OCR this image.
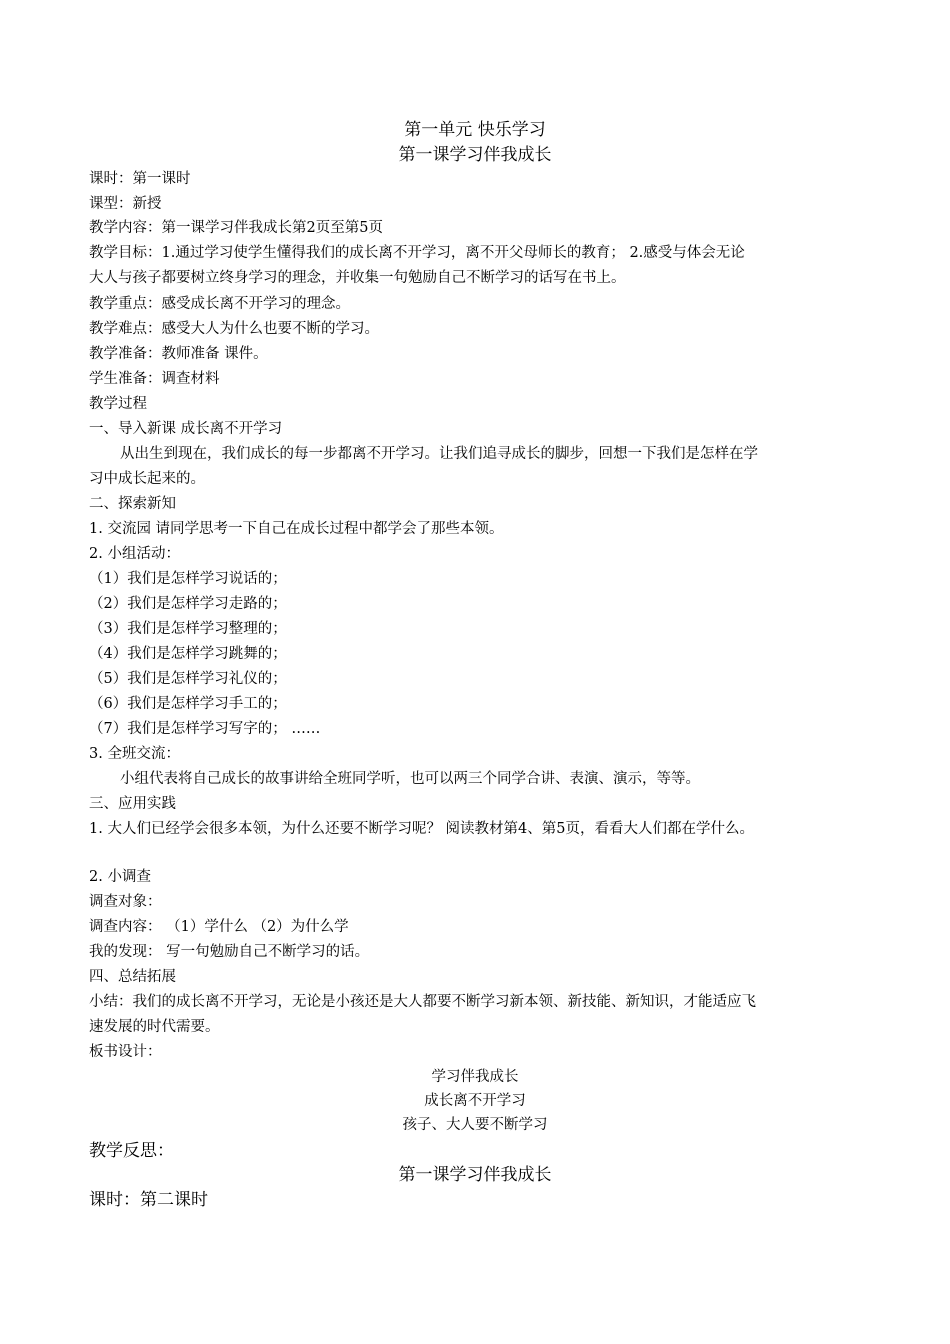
第一单元 快乐学习
第一课学习伴我成长
课时：第一课时
课型：新授
教学内容：第一课学习伴我成长第2页至第5页
教学目标：1.通过学习使学生懂得我们的成长离不开学习，离不开父母师长的教育； 2.感受与体会无论
大人与孩子都要树立终身学习的理念，并收集一句勉励自己不断学习的话写在书上。
教学重点：感受成长离不开学习的理念。
教学难点：感受大人为什么也要不断的学习。
教学准备：教师准备 课件。
学生准备：调查材料
教学过程
一、导入新课 成长离不开学习
从出生到现在，我们成长的每一步都离不开学习。让我们追寻成长的脚步，回想一下我们是怎样在学
习中成长起来的。
二、探索新知
1. 交流园 请同学思考一下自己在成长过程中都学会了那些本领。
2. 小组活动：
（1）我们是怎样学习说话的；
（2）我们是怎样学习走路的；
（3）我们是怎样学习整理的；
（4）我们是怎样学习跳舞的；
（5）我们是怎样学习礼仪的；
（6）我们是怎样学习手工的；
（7）我们是怎样学习写字的； ……
3. 全班交流：
小组代表将自己成长的故事讲给全班同学听，也可以两三个同学合讲、表演、演示，等等。
三、应用实践
1. 大人们已经学会很多本领，为什么还要不断学习呢？ 阅读教材第4、第5页，看看大人们都在学什么。
2. 小调查
调查对象：
调查内容： （1）学什么 （2）为什么学
我的发现： 写一句勉励自己不断学习的话。
四、总结拓展
小结：我们的成长离不开学习，无论是小孩还是大人都要不断学习新本领、新技能、新知识，才能适应飞
速发展的时代需要。
板书设计：
学习伴我成长
成长离不开学习
孩子、大人要不断学习
教学反思：
第一课学习伴我成长
课时：第二课时
